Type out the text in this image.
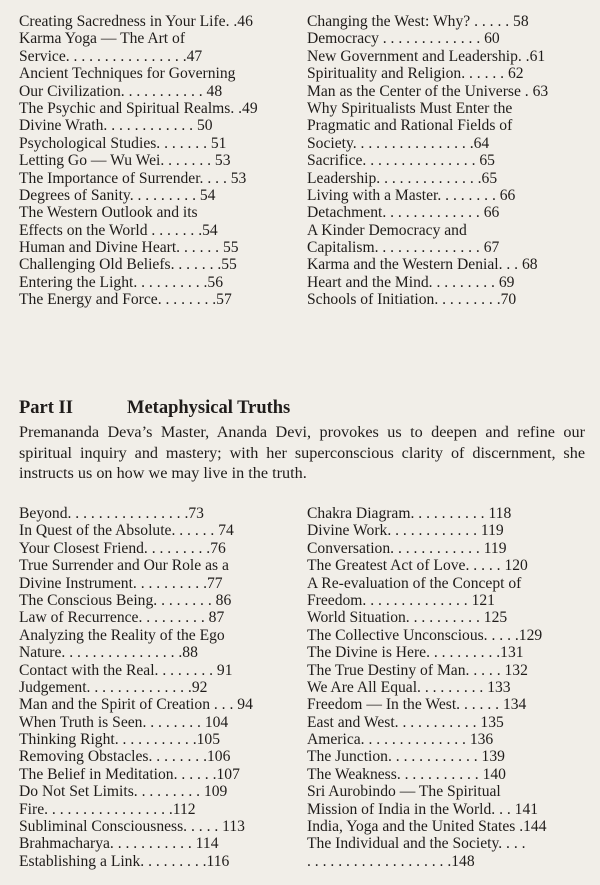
Creating Sacredness in Your Life. .46
Karma Yoga — The Art of
Service. . . . . . . . . . . . . . . .47
Ancient Techniques for Governing
Our Civilization. . . . . . . . . . . 48
The Psychic and Spiritual Realms. .49
Divine Wrath. . . . . . . . . . . . 50
Psychological Studies. . . . . . . 51
Letting Go — Wu Wei. . . . . . . 53
The Importance of Surrender. . . . 53
Degrees of Sanity. . . . . . . . . 54
The Western Outlook and its
Effects on the World . . . . . . .54
Human and Divine Heart. . . . . . 55
Challenging Old Beliefs. . . . . . .55
Entering the Light. . . . . . . . . .56
The Energy and Force. . . . . . . .57
Changing the West: Why? . . . . . 58
Democracy . . . . . . . . . . . . . 60
New Government and Leadership. .61
Spirituality and Religion. . . . . . 62
Man as the Center of the Universe . 63
Why Spiritualists Must Enter the
Pragmatic and Rational Fields of
Society. . . . . . . . . . . . . . . .64
Sacrifice. . . . . . . . . . . . . . . 65
Leadership. . . . . . . . . . . . . .65
Living with a Master. . . . . . . . 66
Detachment. . . . . . . . . . . . . 66
A Kinder Democracy and
Capitalism. . . . . . . . . . . . . . 67
Karma and the Western Denial. . . 68
Heart and the Mind. . . . . . . . . 69
Schools of Initiation. . . . . . . . .70
Part II	Metaphysical Truths
Premananda Deva’s Master, Ananda Devi, provokes us to deepen and refine our spiritual inquiry and mastery; with her superconscious clarity of discernment, she instructs us on how we may live in the truth.
Beyond. . . . . . . . . . . . . . . .73
In Quest of the Absolute. . . . . . 74
Your Closest Friend. . . . . . . . .76
True Surrender and Our Role as a
Divine Instrument. . . . . . . . . .77
The Conscious Being. . . . . . . . 86
Law of Recurrence. . . . . . . . . 87
Analyzing the Reality of the Ego
Nature. . . . . . . . . . . . . . . .88
Contact with the Real. . . . . . . . 91
Judgement. . . . . . . . . . . . . .92
Man and the Spirit of Creation . . . 94
When Truth is Seen. . . . . . . . 104
Thinking Right. . . . . . . . . . .105
Removing Obstacles. . . . . . . .106
The Belief in Meditation. . . . . .107
Do Not Set Limits. . . . . . . . . 109
Fire. . . . . . . . . . . . . . . . .112
Subliminal Consciousness. . . . . 113
Brahmacharya. . . . . . . . . . . 114
Establishing a Link. . . . . . . . .116
Chakra Diagram. . . . . . . . . . 118
Divine Work. . . . . . . . . . . . 119
Conversation. . . . . . . . . . . . 119
The Greatest Act of Love. . . . . 120
A Re-evaluation of the Concept of
Freedom. . . . . . . . . . . . . . 121
World Situation. . . . . . . . . . 125
The Collective Unconscious. . . . .129
The Divine is Here. . . . . . . . . .131
The True Destiny of Man. . . . . 132
We Are All Equal. . . . . . . . . 133
Freedom — In the West. . . . . . 134
East and West. . . . . . . . . . . 135
America. . . . . . . . . . . . . . 136
The Junction. . . . . . . . . . . . 139
The Weakness. . . . . . . . . . . 140
Sri Aurobindo — The Spiritual
Mission of India in the World. . . 141
India, Yoga and the United States .144
The Individual and the Society. . . .
. . . . . . . . . . . . . . . . . . .148
